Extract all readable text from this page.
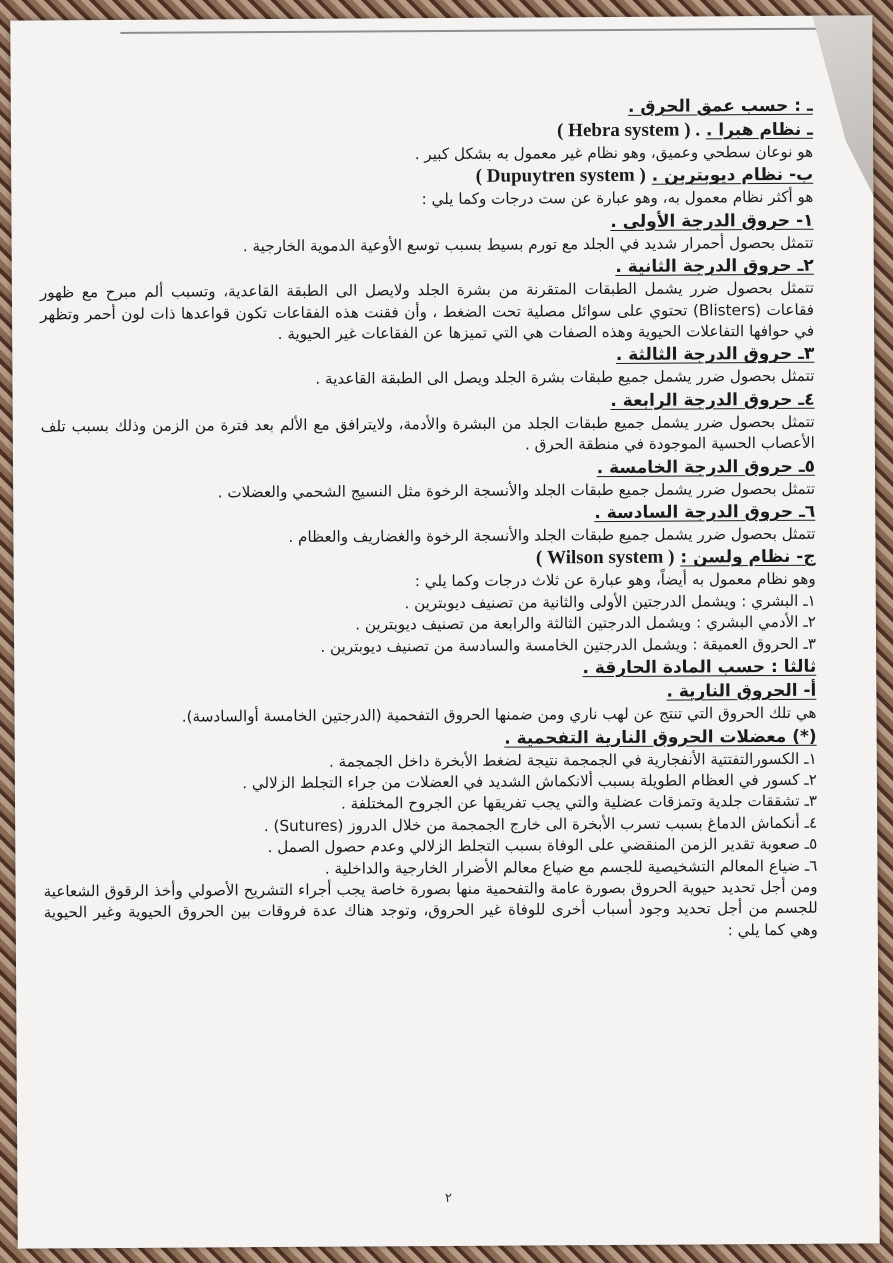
ـ : حسب عمق الحرق .

ـ نظام هبرا . ( Hebra system ) .

هو نوعان سطحي وعميق، وهو نظام غير معمول به بشكل كبير .

ب- نظام ديوبتربن . ( Dupuytren system )

هو أكثر نظام معمول به، وهو عبارة عن ست درجات وكما يلي :

١- حروق الدرجة الأولى .

تتمثل بحصول أحمرار شديد في الجلد مع تورم بسيط بسبب توسع الأوعية الدموية الخارجية .

٢ـ حروق الدرجة الثانية .

تتمثل بحصول ضرر يشمل الطبقات المتقرنة من بشرة الجلد ولايصل الى الطبقة القاعدية، وتسبب ألم مبرح مع ظهور فقاعات (Blisters) تحتوي على سوائل مصلية تحت الضغط ، وأن فقنت هذه الفقاعات تكون قواعدها ذات لون أحمر وتظهر في حوافها التفاعلات الحيوية وهذه الصفات هي التي تميزها عن الفقاعات غير الحيوية .

٣ـ حروق الدرجة الثالثة .

تتمثل بحصول ضرر يشمل جميع طبقات بشرة الجلد ويصل الى الطبقة القاعدية .

٤ـ حروق الدرجة الرابعة .

تتمثل بحصول ضرر يشمل جميع طبقات الجلد من البشرة والأدمة، ولايترافق مع الألم بعد فترة من الزمن وذلك بسبب تلف الأعصاب الحسية الموجودة في منطقة الحرق .

٥ـ حروق الدرجة الخامسة .

تتمثل بحصول ضرر يشمل جميع طبقات الجلد والأنسجة الرخوة مثل النسيج الشحمي والعضلات .

٦ـ حروق الدرجة السادسة .

تتمثل بحصول ضرر يشمل جميع طبقات الجلد والأنسجة الرخوة والغضاريف والعظام .

ج- نظام ولسن : ( Wilson system )

وهو نظام معمول به أيضاً، وهو عبارة عن ثلاث درجات وكما يلي :

١ـ البشري : ويشمل الدرجتين الأولى والثانية من تصنيف ديوبترين .

٢ـ الأدمي البشري : ويشمل الدرجتين الثالثة والرابعة من تصنيف ديوبترين .

٣ـ الحروق العميقة : ويشمل الدرجتين الخامسة والسادسة من تصنيف ديوبترين .

ثالثا : حسب المادة الحارقة .

أ- الحروق النارية .

هي تلك الحروق التي تنتج عن لهب ناري ومن ضمنها الحروق التفحمية (الدرجتين الخامسة أوالسادسة).

(*) معضلات الحروق النارية التفحمية .

١ـ الكسورالتفتتية الأنفجارية في الجمجمة نتيجة لضغط الأبخرة داخل الجمجمة .

٢ـ كسور في العظام الطويلة بسبب ألانكماش الشديد في العضلات من جراء التجلط الزلالي .

٣ـ تشققات جلدية وتمزقات عضلية والتي يجب تفريقها عن الجروح المختلفة .

٤ـ أنكماش الدماغ بسبب تسرب الأبخرة الى خارج الجمجمة من خلال الدروز (Sutures) .

٥ـ صعوبة تقدير الزمن المنقضي على الوفاة بسبب التجلط الزلالي وعدم حصول الصمل .

٦ـ ضياع المعالم التشخيصية للجسم مع ضياع معالم الأضرار الخارجية والداخلية .

ومن أجل تحديد حيوية الحروق بصورة عامة والتفحمية منها بصورة خاصة يجب أجراء التشريح الأصولي وأخذ الرقوق الشعاعية للجسم من أجل تحديد وجود أسباب أخرى للوفاة غير الحروق، وتوجد هناك عدة فروقات بين الحروق الحيوية وغير الحيوية وهي كما يلي :

٢
